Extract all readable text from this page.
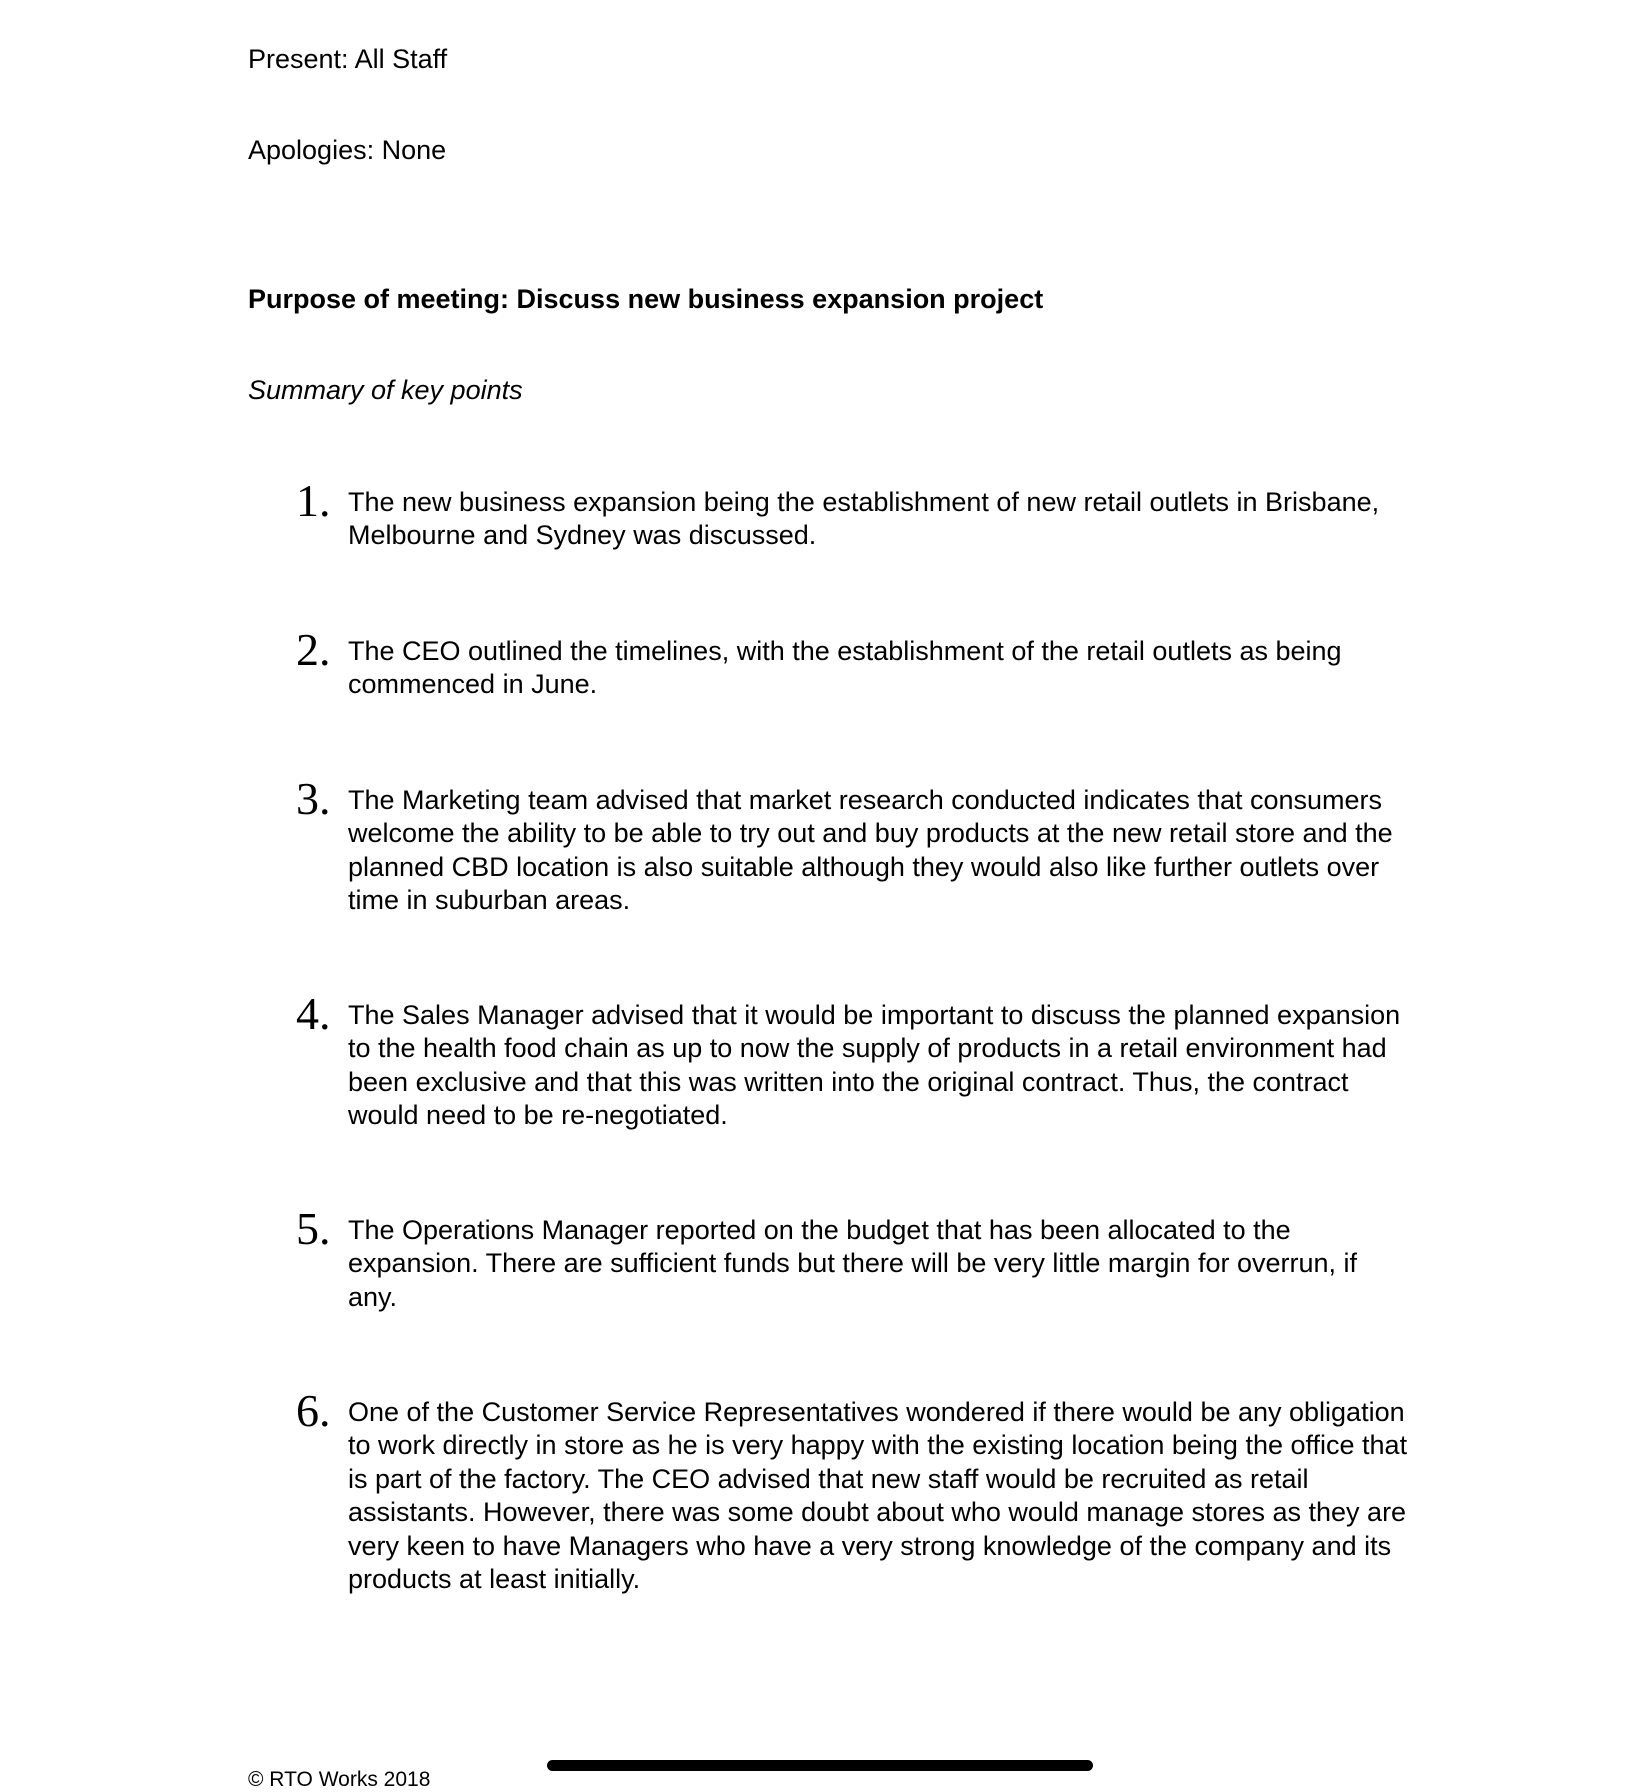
Present: All Staff
Apologies: None
Purpose of meeting: Discuss new business expansion project
Summary of key points
1. The new business expansion being the establishment of new retail outlets in Brisbane, Melbourne and Sydney was discussed.
2. The CEO outlined the timelines, with the establishment of the retail outlets as being commenced in June.
3. The Marketing team advised that market research conducted indicates that consumers welcome the ability to be able to try out and buy products at the new retail store and the planned CBD location is also suitable although they would also like further outlets over time in suburban areas.
4. The Sales Manager advised that it would be important to discuss the planned expansion to the health food chain as up to now the supply of products in a retail environment had been exclusive and that this was written into the original contract. Thus, the contract would need to be re-negotiated.
5. The Operations Manager reported on the budget that has been allocated to the expansion. There are sufficient funds but there will be very little margin for overrun, if any.
6. One of the Customer Service Representatives wondered if there would be any obligation to work directly in store as he is very happy with the existing location being the office that is part of the factory. The CEO advised that new staff would be recruited as retail assistants. However, there was some doubt about who would manage stores as they are very keen to have Managers who have a very strong knowledge of the company and its products at least initially.
© RTO Works 2018
